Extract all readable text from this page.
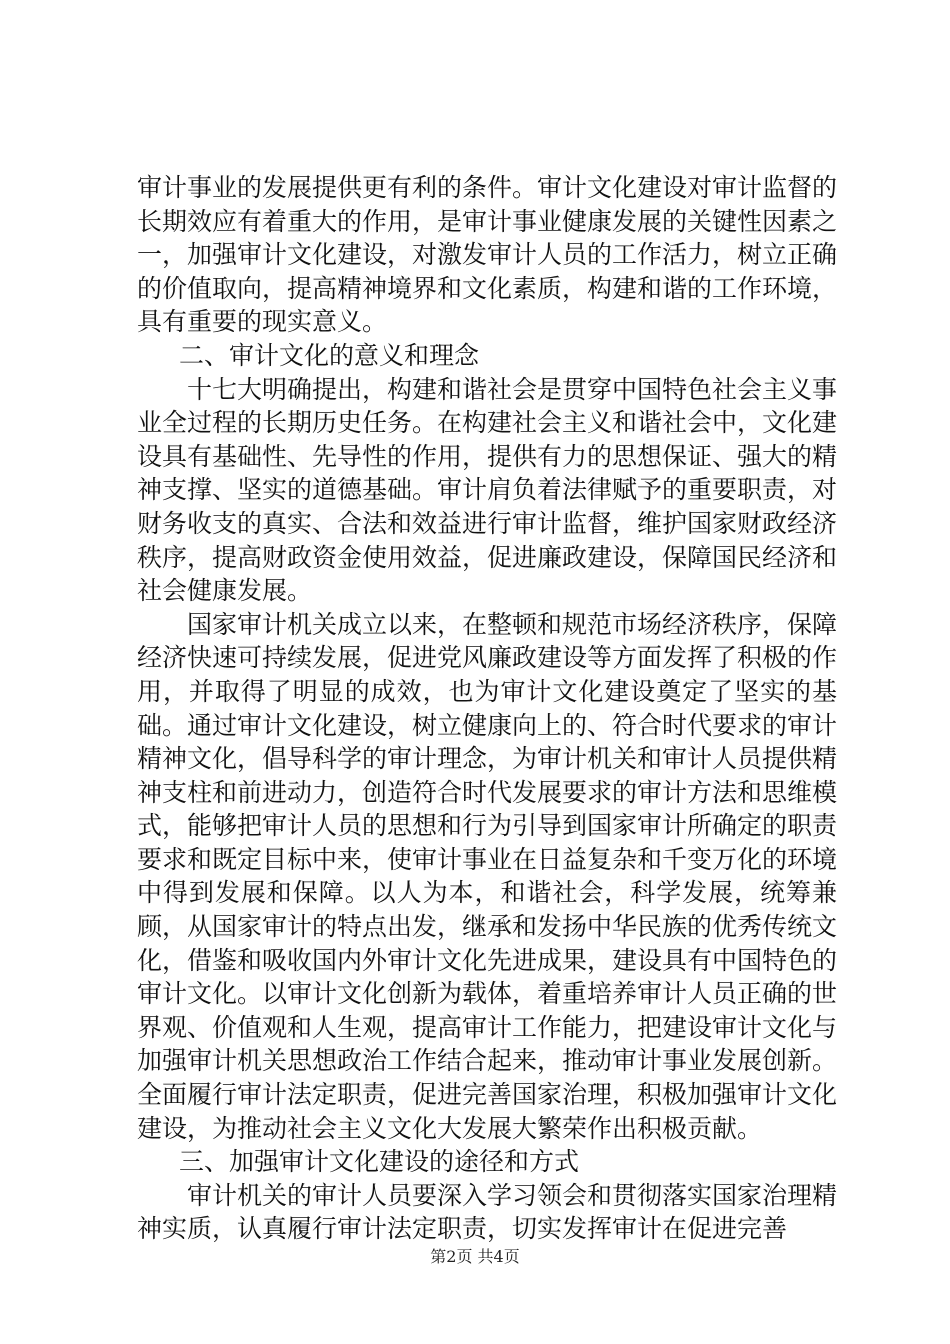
审计事业的发展提供更有利的条件。审计文化建设对审计监督的长期效应有着重大的作用，是审计事业健康发展的关键性因素之一，加强审计文化建设，对激发审计人员的工作活力，树立正确的价值取向，提高精神境界和文化素质，构建和谐的工作环境，具有重要的现实意义。

二、审计文化的意义和理念

十七大明确提出，构建和谐社会是贯穿中国特色社会主义事业全过程的长期历史任务。在构建社会主义和谐社会中，文化建设具有基础性、先导性的作用，提供有力的思想保证、强大的精神支撑、坚实的道德基础。审计肩负着法律赋予的重要职责，对财务收支的真实、合法和效益进行审计监督，维护国家财政经济秩序，提高财政资金使用效益，促进廉政建设，保障国民经济和社会健康发展。

国家审计机关成立以来，在整顿和规范市场经济秩序，保障经济快速可持续发展，促进党风廉政建设等方面发挥了积极的作用，并取得了明显的成效，也为审计文化建设奠定了坚实的基础。通过审计文化建设，树立健康向上的、符合时代要求的审计精神文化，倡导科学的审计理念，为审计机关和审计人员提供精神支柱和前进动力，创造符合时代发展要求的审计方法和思维模式，能够把审计人员的思想和行为引导到国家审计所确定的职责要求和既定目标中来，使审计事业在日益复杂和千变万化的环境中得到发展和保障。以人为本，和谐社会，科学发展，统筹兼顾，从国家审计的特点出发，继承和发扬中华民族的优秀传统文化，借鉴和吸收国内外审计文化先进成果，建设具有中国特色的审计文化。以审计文化创新为载体，着重培养审计人员正确的世界观、价值观和人生观，提高审计工作能力，把建设审计文化与加强审计机关思想政治工作结合起来，推动审计事业发展创新。全面履行审计法定职责，促进完善国家治理，积极加强审计文化建设，为推动社会主义文化大发展大繁荣作出积极贡献。

三、加强审计文化建设的途径和方式

审计机关的审计人员要深入学习领会和贯彻落实国家治理精神实质，认真履行审计法定职责，切实发挥审计在促进完善

第2页 共4页
